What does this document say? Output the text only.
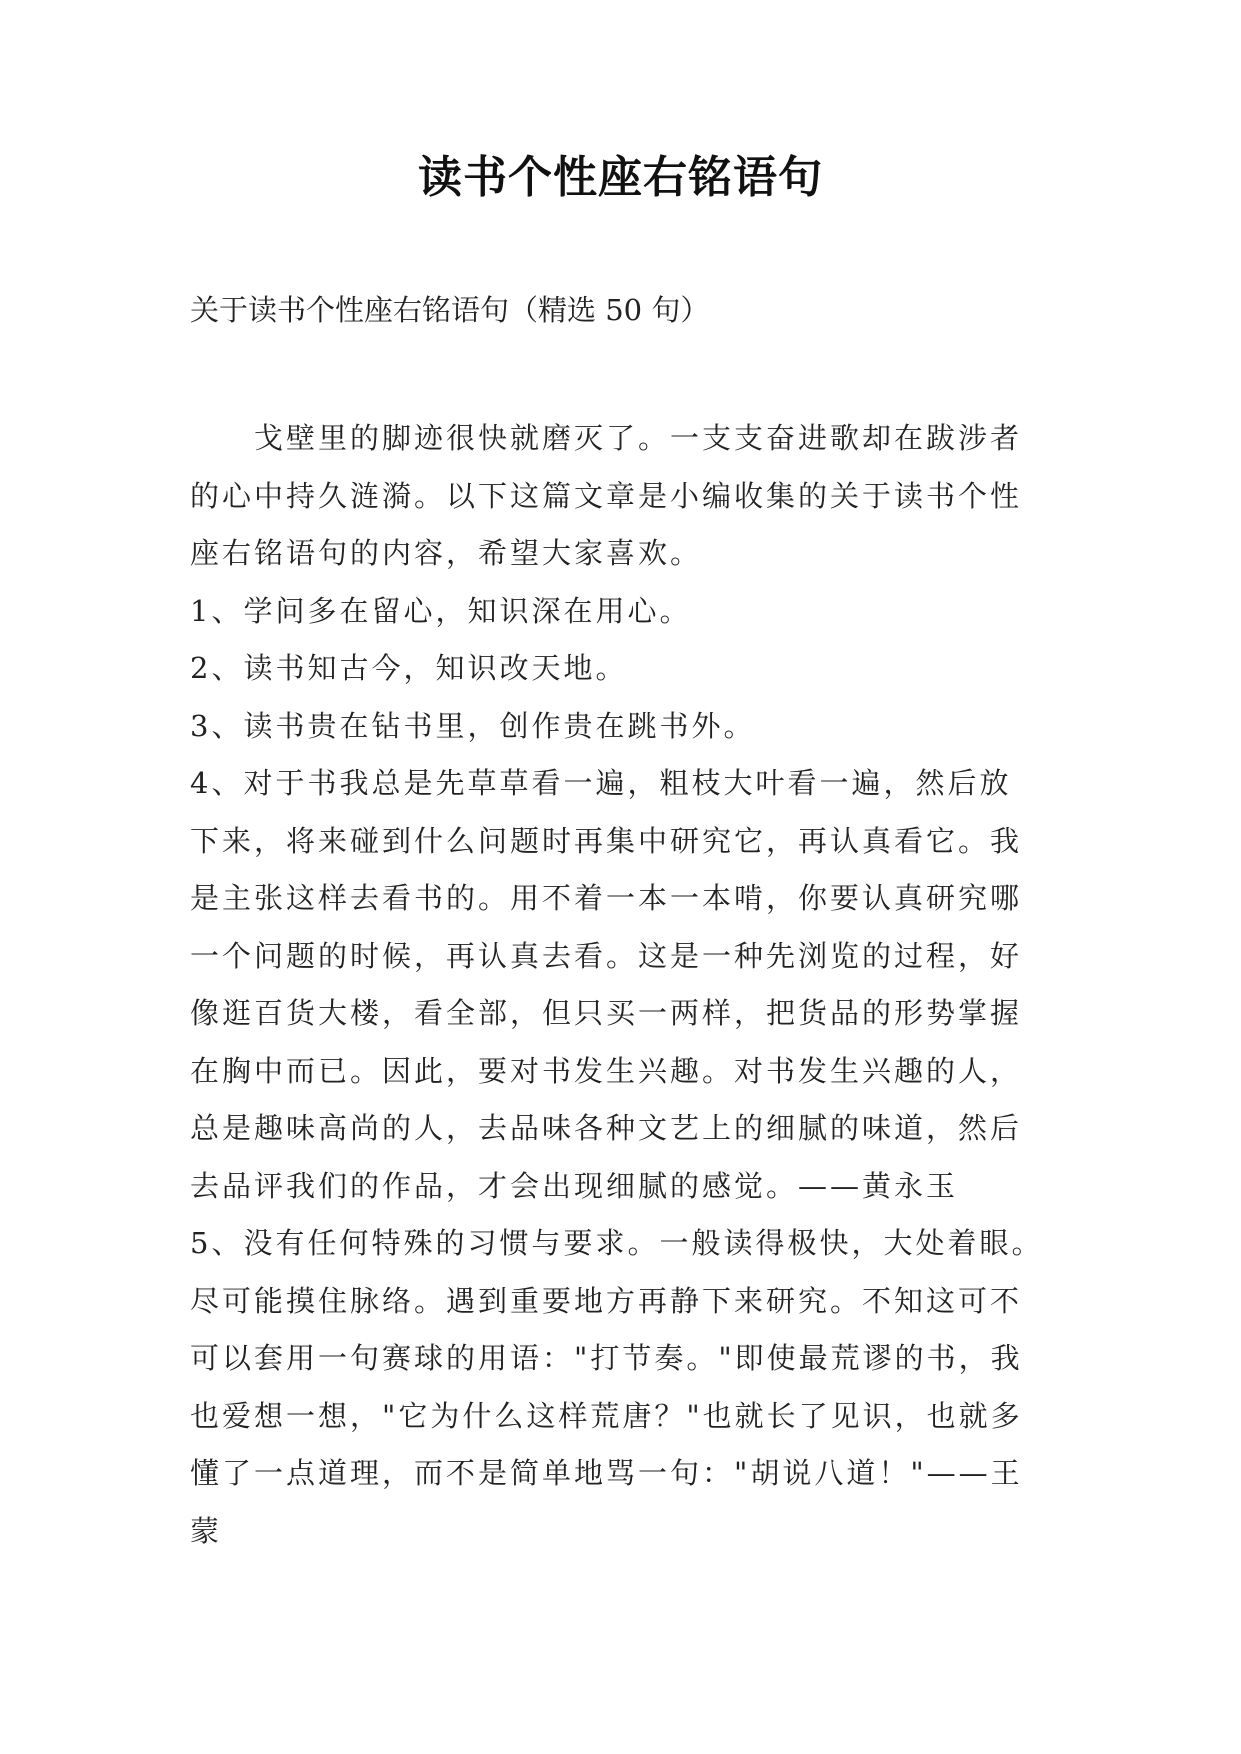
读书个性座右铭语句
关于读书个性座右铭语句（精选 50 句）
　　戈壁里的脚迹很快就磨灭了。一支支奋进歌却在跋涉者
的心中持久涟漪。以下这篇文章是小编收集的关于读书个性
座右铭语句的内容，希望大家喜欢。
1、学问多在留心，知识深在用心。
2、读书知古今，知识改天地。
3、读书贵在钻书里，创作贵在跳书外。
4、对于书我总是先草草看一遍，粗枝大叶看一遍，然后放
下来，将来碰到什么问题时再集中研究它，再认真看它。我
是主张这样去看书的。用不着一本一本啃，你要认真研究哪
一个问题的时候，再认真去看。这是一种先浏览的过程，好
像逛百货大楼，看全部，但只买一两样，把货品的形势掌握
在胸中而已。因此，要对书发生兴趣。对书发生兴趣的人，
总是趣味高尚的人，去品味各种文艺上的细腻的味道，然后
去品评我们的作品，才会出现细腻的感觉。——黄永玉
5、没有任何特殊的习惯与要求。一般读得极快，大处着眼。
尽可能摸住脉络。遇到重要地方再静下来研究。不知这可不
可以套用一句赛球的用语："打节奏。"即使最荒谬的书，我
也爱想一想，"它为什么这样荒唐？"也就长了见识，也就多
懂了一点道理，而不是简单地骂一句："胡说八道！"——王
蒙
